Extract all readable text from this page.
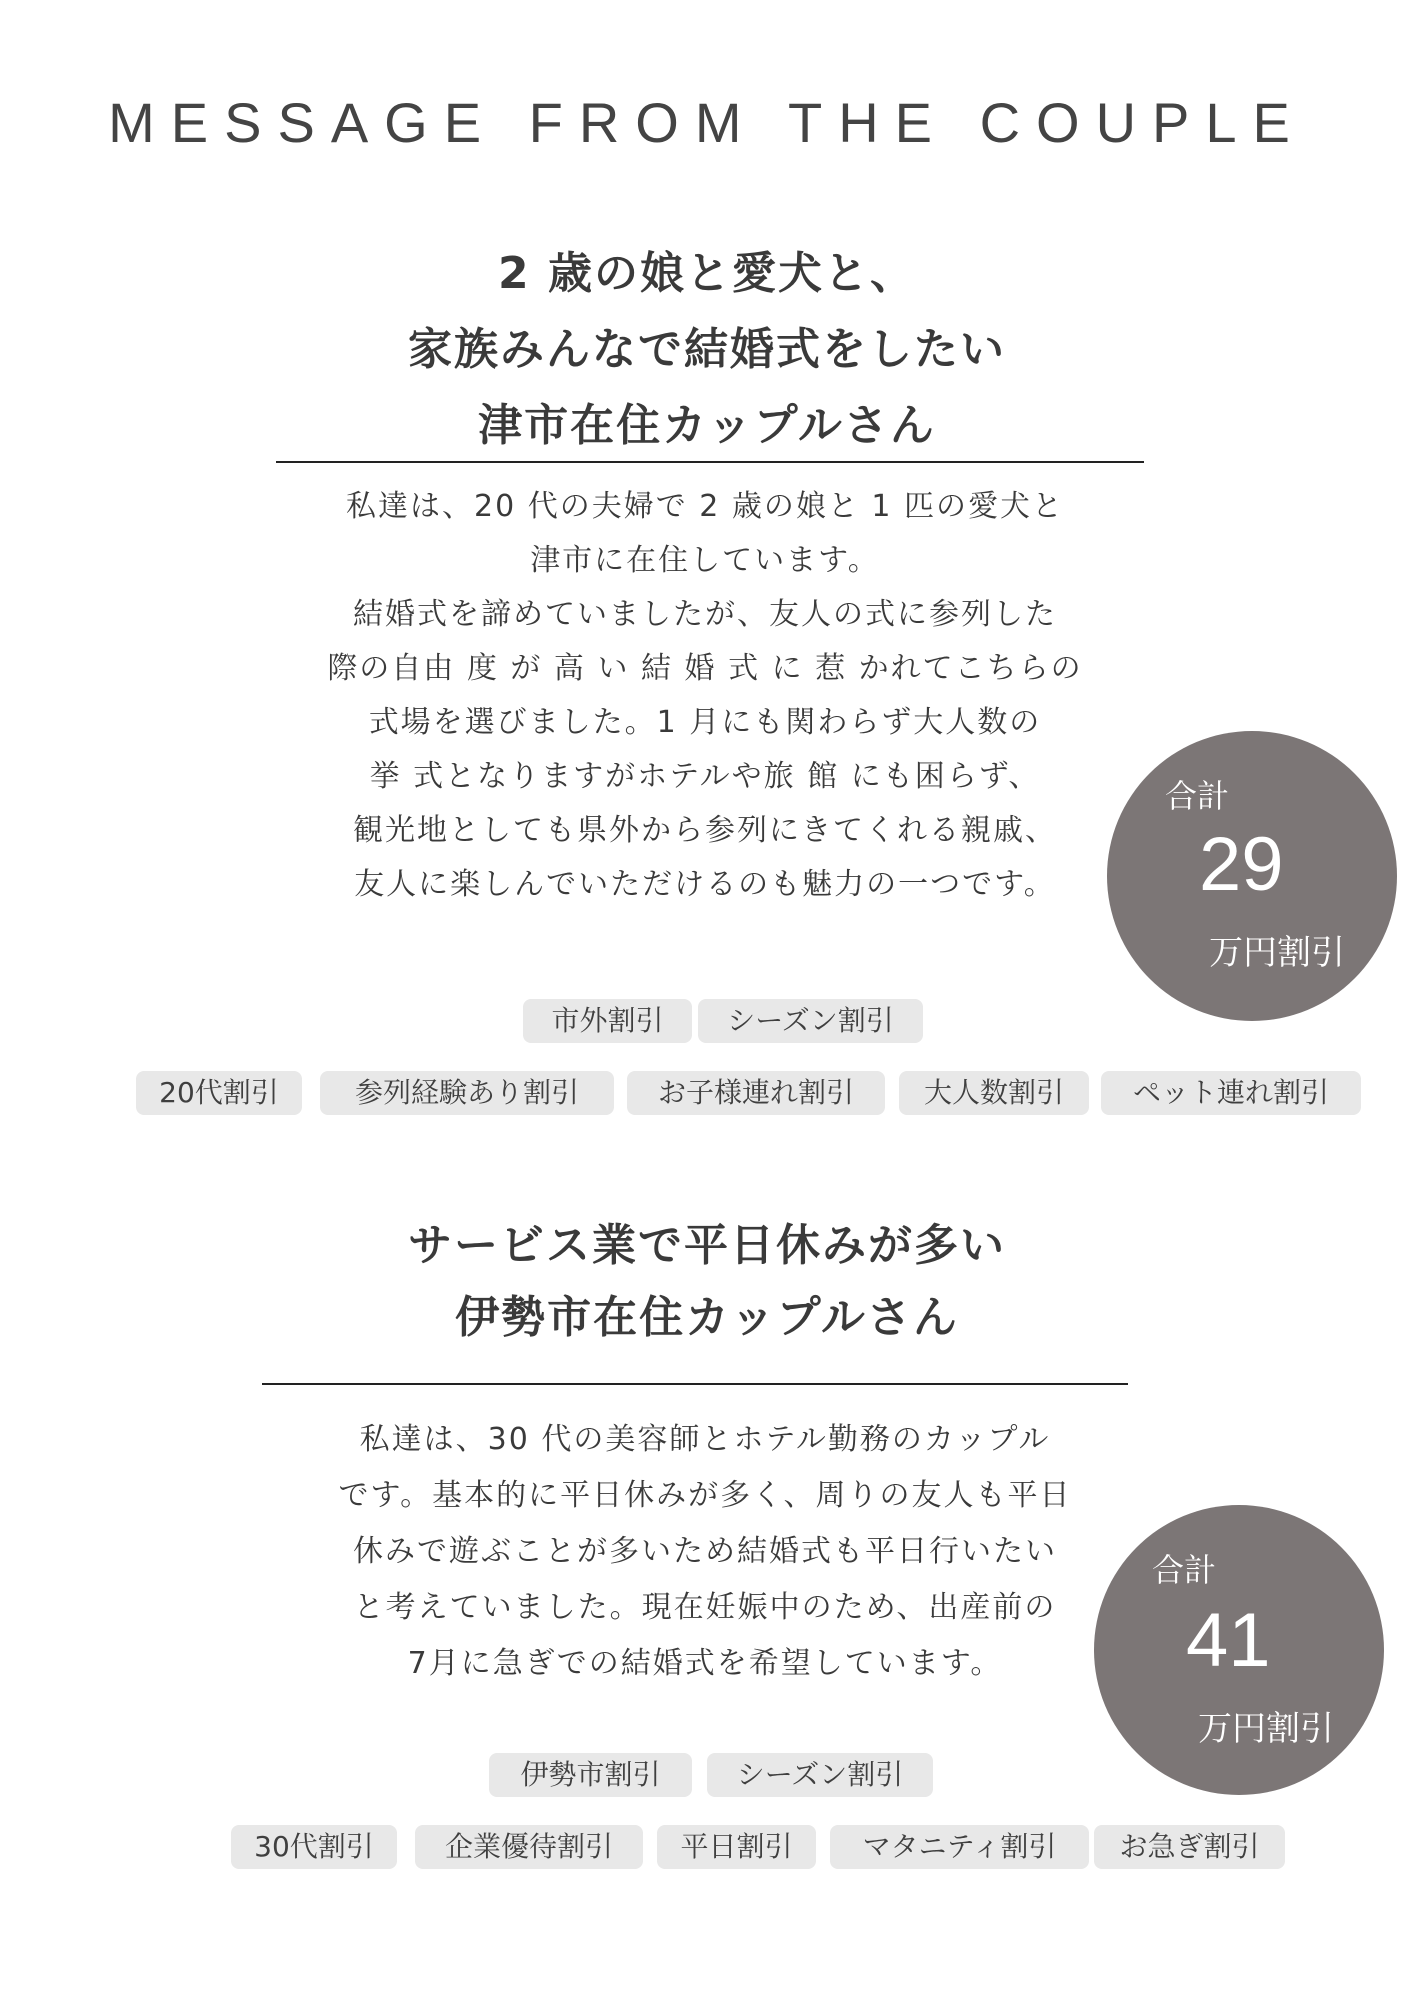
MESSAGE FROM THE COUPLE
2 歳の娘と愛犬と、
家族みんなで結婚式をしたい
津市在住カップルさん
私達は、20 代の夫婦で 2 歳の娘と 1 匹の愛犬と
津市に在住しています。
結婚式を諦めていましたが、友人の式に参列した
際の自由 度 が 高 い 結 婚 式 に 惹 かれてこちらの
式場を選びました。1 月にも関わらず大人数の
挙 式となりますがホテルや旅 館 にも困らず、
観光地としても県外から参列にきてくれる親戚、
友人に楽しんでいただけるのも魅力の一つです。
合計
29
万円割引
市外割引	シーズン割引
20代割引	参列経験あり割引	お子様連れ割引	大人数割引	ペット連れ割引
サービス業で平日休みが多い
伊勢市在住カップルさん
私達は、30 代の美容師とホテル勤務のカップル
です。基本的に平日休みが多く、周りの友人も平日
休みで遊ぶことが多いため結婚式も平日行いたい
と考えていました。現在妊娠中のため、出産前の
7月に急ぎでの結婚式を希望しています。
合計
41
万円割引
伊勢市割引	シーズン割引
30代割引	企業優待割引	平日割引	マタニティ割引	お急ぎ割引
